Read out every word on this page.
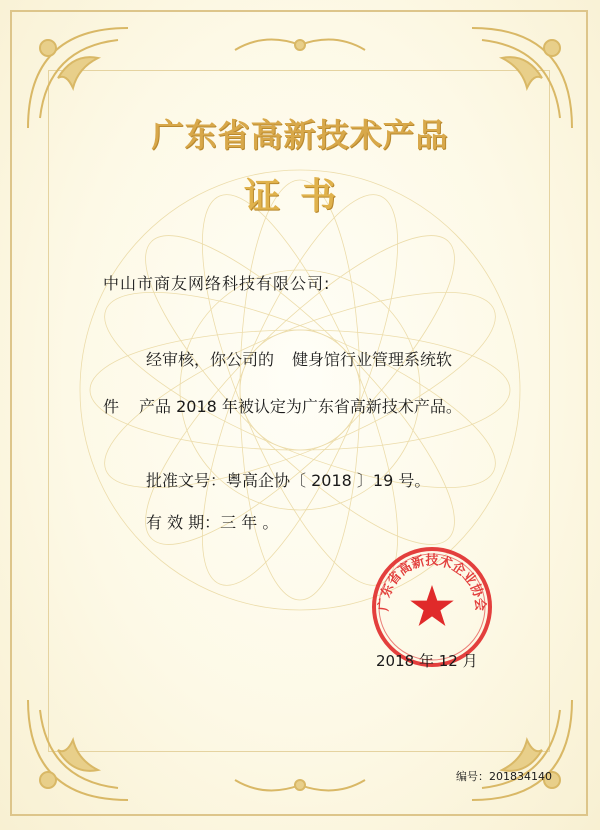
广东省高新技术产品
证书
中山市商友网络科技有限公司:
经审核，你公司的 健身馆行业管理系统软
件 产品 2018 年被认定为广东省高新技术产品。
批准文号：粤高企协〔 2018 〕19 号。
有 效 期：三 年 。
广东省高新技术企业协会
2018 年 12 月
编号：201834140
